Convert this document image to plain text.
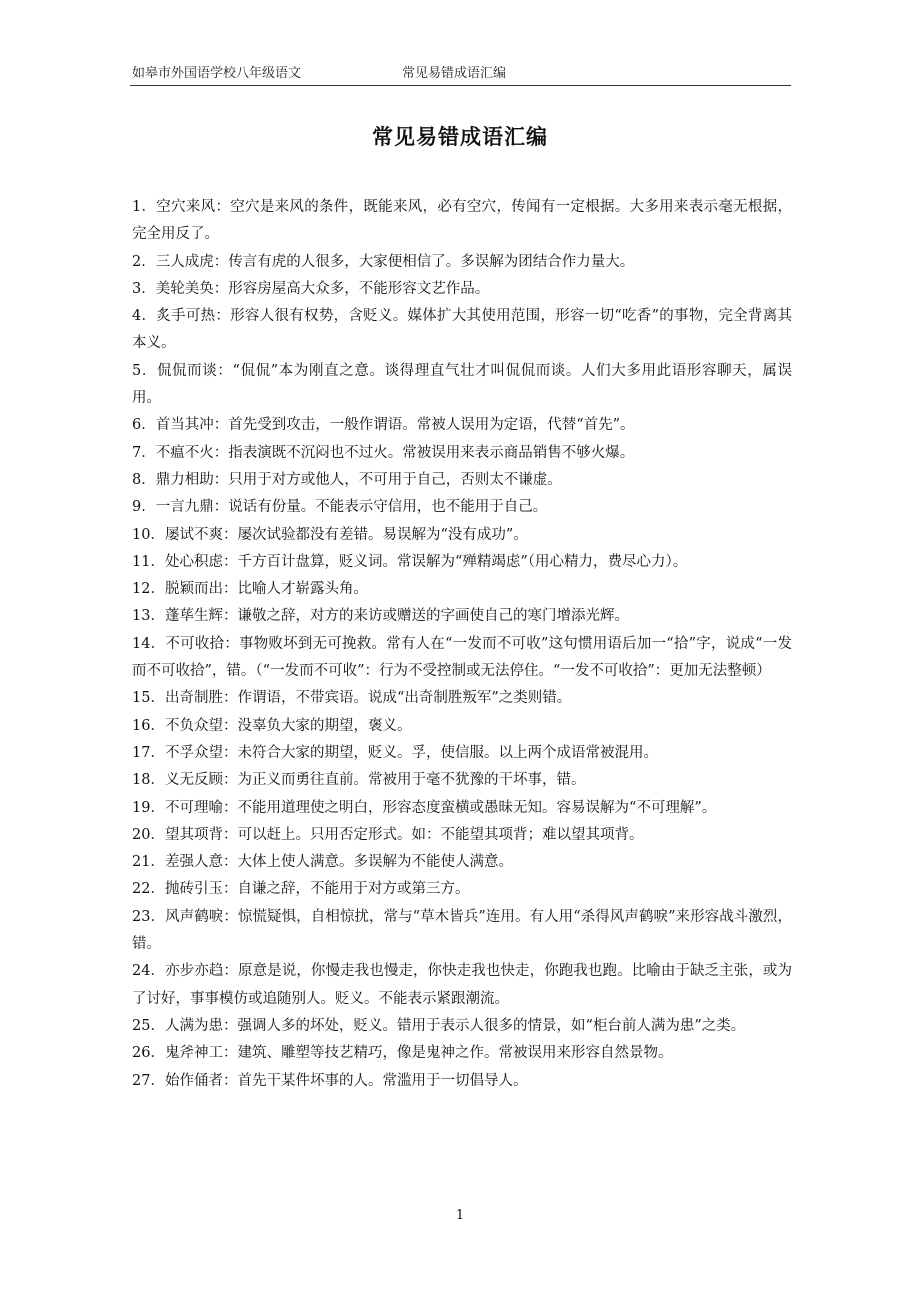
如皋市外国语学校八年级语文	常见易错成语汇编
常见易错成语汇编

1．空穴来风：空穴是来风的条件，既能来风，必有空穴，传闻有一定根据。大多用来表示毫无根据，完全用反了。

2．三人成虎：传言有虎的人很多，大家便相信了。多误解为团结合作力量大。

3．美轮美奂：形容房屋高大众多，不能形容文艺作品。

4．炙手可热：形容人很有权势，含贬义。媒体扩大其使用范围，形容一切“吃香”的事物，完全背离其本义。

5．侃侃而谈：“侃侃”本为刚直之意。谈得理直气壮才叫侃侃而谈。人们大多用此语形容聊天，属误用。

6．首当其冲：首先受到攻击，一般作谓语。常被人误用为定语，代替“首先”。

7．不瘟不火：指表演既不沉闷也不过火。常被误用来表示商品销售不够火爆。

8．鼎力相助：只用于对方或他人，不可用于自己，否则太不谦虚。

9．一言九鼎：说话有份量。不能表示守信用，也不能用于自己。

10．屡试不爽：屡次试验都没有差错。易误解为“没有成功”。

11．处心积虑：千方百计盘算，贬义词。常误解为“殚精竭虑”（用心精力，费尽心力）。

12．脱颖而出：比喻人才崭露头角。

13．蓬荜生辉：谦敬之辞，对方的来访或赠送的字画使自己的寒门增添光辉。

14．不可收拾：事物败坏到无可挽救。常有人在“一发而不可收”这句惯用语后加一“拾”字，说成“一发而不可收拾”，错。（“一发而不可收”：行为不受控制或无法停住。“一发不可收拾”：更加无法整顿）

15．出奇制胜：作谓语，不带宾语。说成“出奇制胜叛军”之类则错。

16．不负众望：没辜负大家的期望，褒义。

17．不孚众望：未符合大家的期望，贬义。孚，使信服。以上两个成语常被混用。

18．义无反顾：为正义而勇往直前。常被用于毫不犹豫的干坏事，错。

19．不可理喻：不能用道理使之明白，形容态度蛮横或愚昧无知。容易误解为“不可理解”。

20．望其项背：可以赶上。只用否定形式。如：不能望其项背；难以望其项背。

21．差强人意：大体上使人满意。多误解为不能使人满意。

22．抛砖引玉：自谦之辞，不能用于对方或第三方。

23．风声鹤唳：惊慌疑惧，自相惊扰，常与“草木皆兵”连用。有人用“杀得风声鹤唳”来形容战斗激烈，错。

24．亦步亦趋：原意是说，你慢走我也慢走，你快走我也快走，你跑我也跑。比喻由于缺乏主张，或为了讨好，事事模仿或追随别人。贬义。不能表示紧跟潮流。

25．人满为患：强调人多的坏处，贬义。错用于表示人很多的情景，如“柜台前人满为患”之类。

26．鬼斧神工：建筑、雕塑等技艺精巧，像是鬼神之作。常被误用来形容自然景物。

27．始作俑者：首先干某件坏事的人。常滥用于一切倡导人。

1
